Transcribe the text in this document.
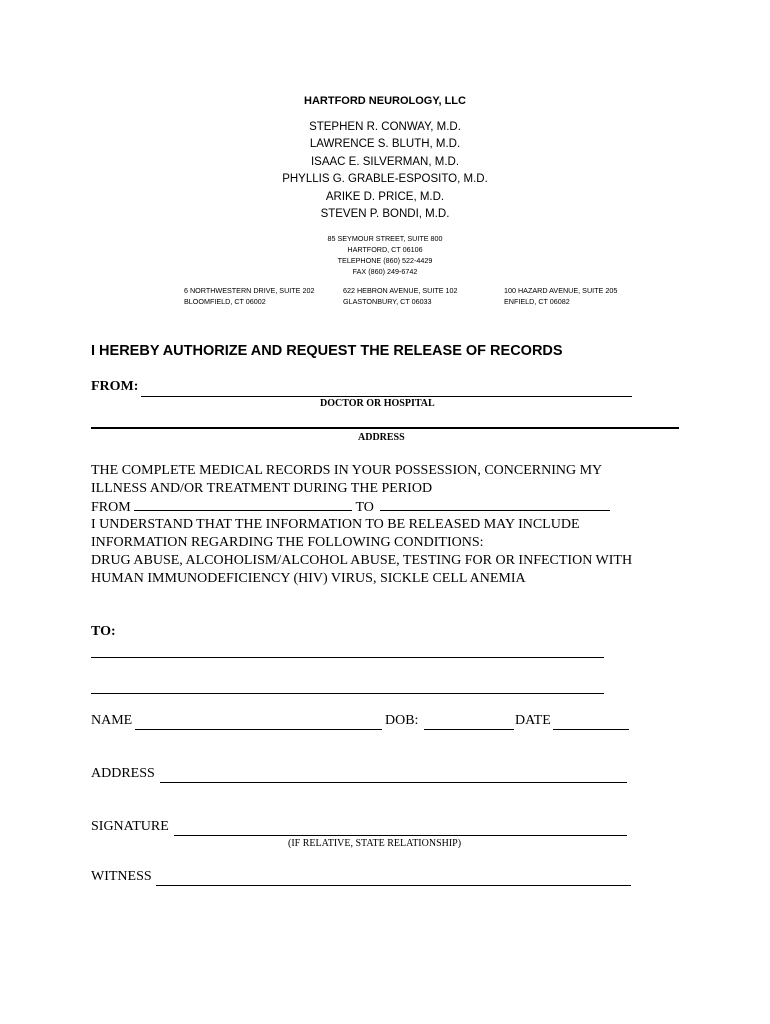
HARTFORD NEUROLOGY, LLC
STEPHEN R. CONWAY, M.D.
LAWRENCE S. BLUTH, M.D.
ISAAC E. SILVERMAN, M.D.
PHYLLIS G. GRABLE-ESPOSITO, M.D.
ARIKE D. PRICE, M.D.
STEVEN P. BONDI, M.D.
85 SEYMOUR STREET, SUITE 800
HARTFORD, CT 06106
TELEPHONE (860) 522-4429
FAX (860) 249-6742
6 NORTHWESTERN DRIVE, SUITE 202
BLOOMFIELD, CT 06002
622 HEBRON AVENUE, SUITE 102
GLASTONBURY, CT 06033
100 HAZARD AVENUE, SUITE 205
ENFIELD, CT 06082
I HEREBY AUTHORIZE AND REQUEST THE RELEASE OF RECORDS
FROM:
DOCTOR OR HOSPITAL
ADDRESS
THE COMPLETE MEDICAL RECORDS IN YOUR POSSESSION, CONCERNING MY
ILLNESS AND/OR TREATMENT DURING THE PERIOD
FROM	TO
I UNDERSTAND THAT THE INFORMATION TO BE RELEASED MAY INCLUDE
INFORMATION REGARDING THE FOLLOWING CONDITIONS:
DRUG ABUSE, ALCOHOLISM/ALCOHOL ABUSE, TESTING FOR OR INFECTION WITH
HUMAN IMMUNODEFICIENCY (HIV) VIRUS, SICKLE CELL ANEMIA
TO:
NAME	DOB:	DATE
ADDRESS
SIGNATURE
(IF RELATIVE, STATE RELATIONSHIP)
WITNESS
